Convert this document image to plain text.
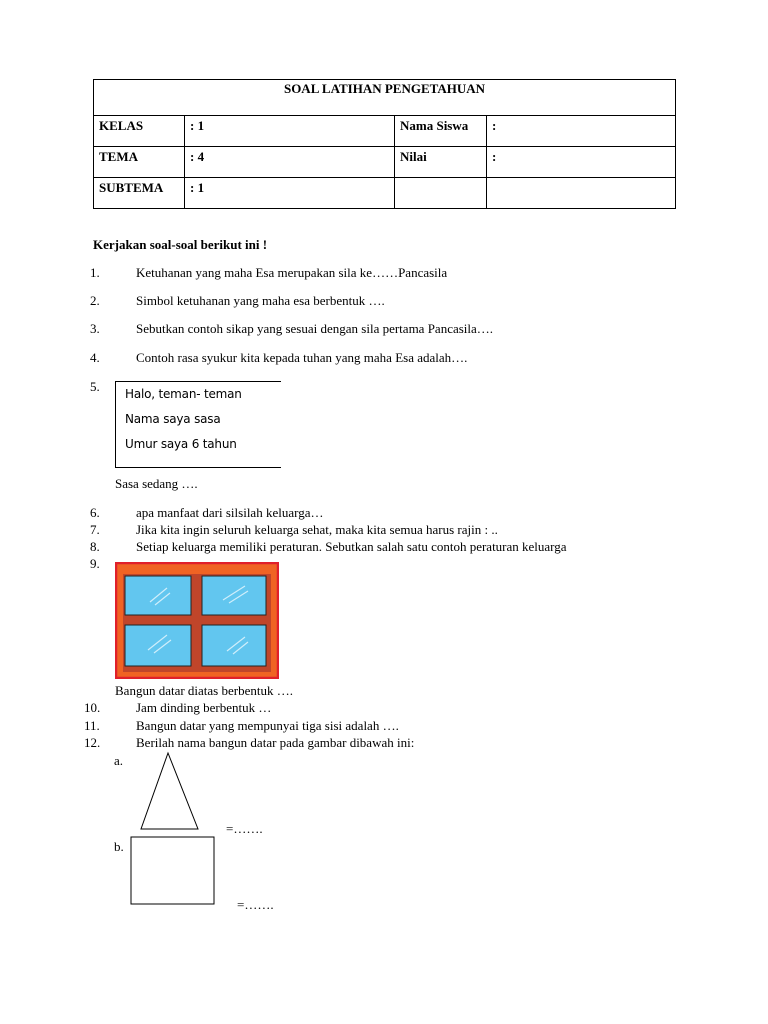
SOAL LATIHAN PENGETAHUAN			
KELAS	: 1	Nama Siswa	:
TEMA	: 4	Nilai	:
SUBTEMA	: 1		
Kerjakan soal-soal berikut ini !
1.	Ketuhanan yang maha Esa merupakan sila ke……Pancasila
2.	Simbol ketuhanan yang maha esa berbentuk ….
3.	Sebutkan contoh sikap yang sesuai dengan sila pertama Pancasila….
4.	Contoh rasa syukur kita kepada tuhan yang maha Esa adalah….
5.	Halo, teman- teman
Nama saya sasa
Umur saya 6 tahun
Sasa sedang ….
6.	apa manfaat dari silsilah keluarga…
7.	Jika kita ingin seluruh keluarga sehat, maka kita semua harus rajin : ..
8.	Setiap keluarga memiliki peraturan. Sebutkan salah satu contoh peraturan keluarga
9.
Bangun datar diatas berbentuk ….
10.	Jam dinding berbentuk …
11.	Bangun datar yang mempunyai tiga sisi adalah ….
12.	Berilah nama bangun datar pada gambar dibawah ini:
a.
=…….
b.
=…….
